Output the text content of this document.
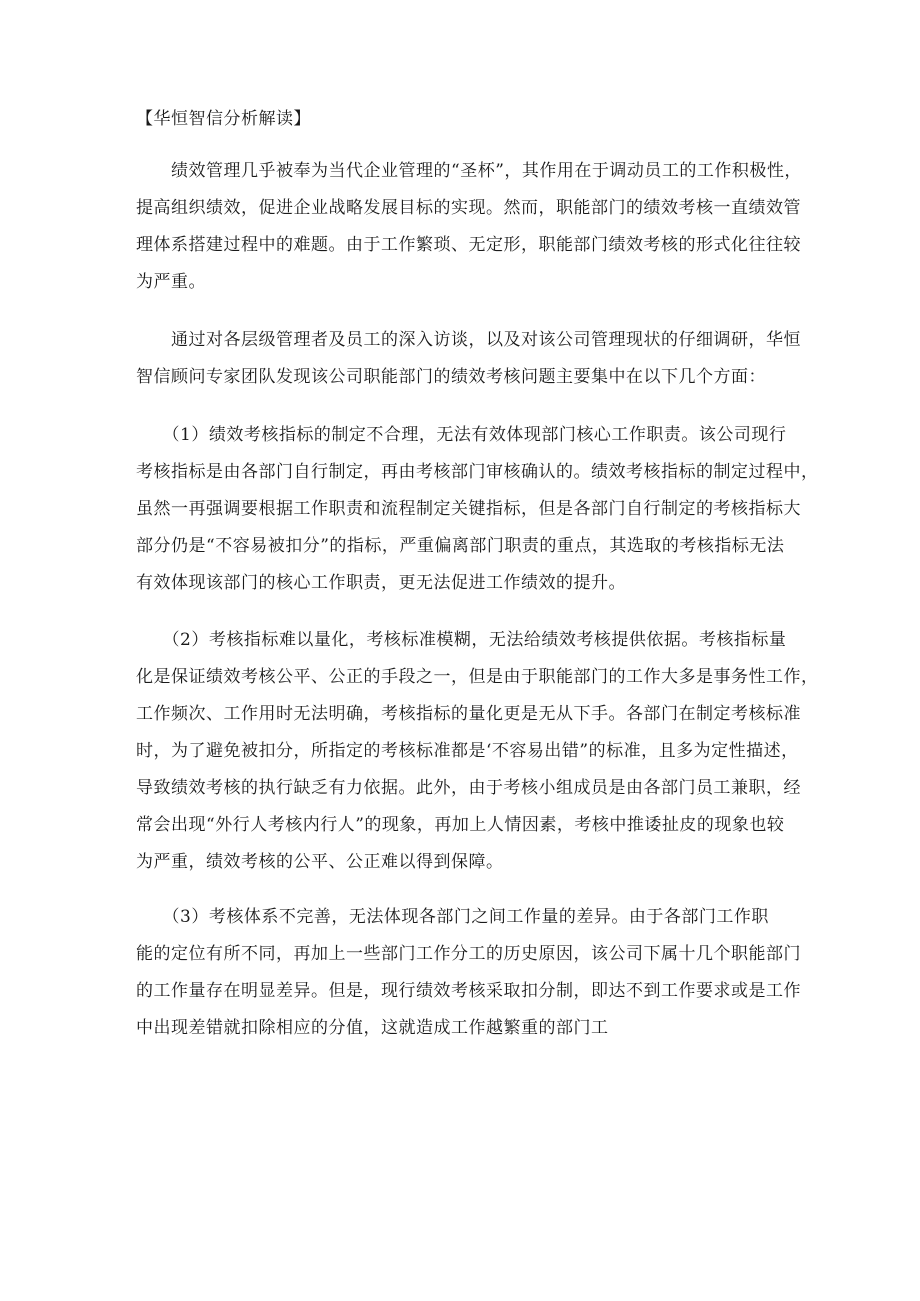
【华恒智信分析解读】
　　绩效管理几乎被奉为当代企业管理的“圣杯”，其作用在于调动员工的工作积极性，
提高组织绩效，促进企业战略发展目标的实现。然而，职能部门的绩效考核一直绩效管
理体系搭建过程中的难题。由于工作繁琐、无定形，职能部门绩效考核的形式化往往较
为严重。
　　通过对各层级管理者及员工的深入访谈，以及对该公司管理现状的仔细调研，华恒
智信顾问专家团队发现该公司职能部门的绩效考核问题主要集中在以下几个方面：
　　（1）绩效考核指标的制定不合理，无法有效体现部门核心工作职责。该公司现行
考核指标是由各部门自行制定，再由考核部门审核确认的。绩效考核指标的制定过程中，
虽然一再强调要根据工作职责和流程制定关键指标，但是各部门自行制定的考核指标大
部分仍是“不容易被扣分”的指标，严重偏离部门职责的重点，其选取的考核指标无法
有效体现该部门的核心工作职责，更无法促进工作绩效的提升。
　　（2）考核指标难以量化，考核标准模糊，无法给绩效考核提供依据。考核指标量
化是保证绩效考核公平、公正的手段之一，但是由于职能部门的工作大多是事务性工作，
工作频次、工作用时无法明确，考核指标的量化更是无从下手。各部门在制定考核标准
时，为了避免被扣分，所指定的考核标准都是‘不容易出错”的标准，且多为定性描述，
导致绩效考核的执行缺乏有力依据。此外，由于考核小组成员是由各部门员工兼职，经
常会出现“外行人考核内行人”的现象，再加上人情因素，考核中推诿扯皮的现象也较
为严重，绩效考核的公平、公正难以得到保障。
　　（3）考核体系不完善，无法体现各部门之间工作量的差异。由于各部门工作职
能的定位有所不同，再加上一些部门工作分工的历史原因，该公司下属十几个职能部门
的工作量存在明显差异。但是，现行绩效考核采取扣分制，即达不到工作要求或是工作
中出现差错就扣除相应的分值，这就造成工作越繁重的部门工
